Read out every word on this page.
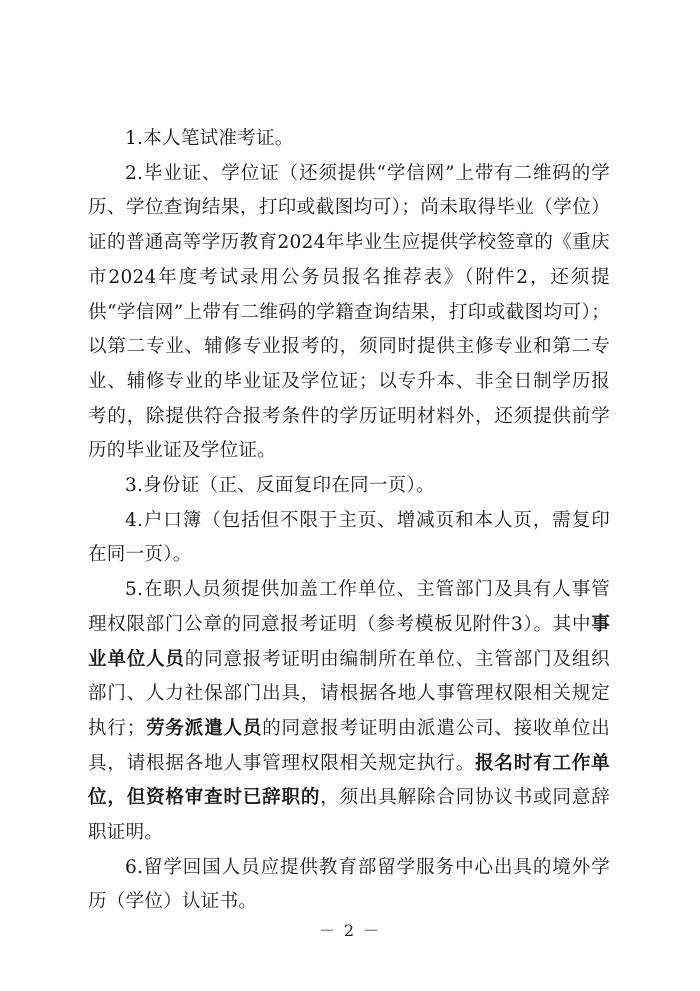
1.本人笔试准考证。

2.毕业证、学位证（还须提供“学信网”上带有二维码的学历、学位查询结果，打印或截图均可）；尚未取得毕业（学位）证的普通高等学历教育2024年毕业生应提供学校签章的《重庆市2024年度考试录用公务员报名推荐表》（附件2，还须提供“学信网”上带有二维码的学籍查询结果，打印或截图均可）；以第二专业、辅修专业报考的，须同时提供主修专业和第二专业、辅修专业的毕业证及学位证；以专升本、非全日制学历报考的，除提供符合报考条件的学历证明材料外，还须提供前学历的毕业证及学位证。

3.身份证（正、反面复印在同一页）。

4.户口簿（包括但不限于主页、增减页和本人页，需复印在同一页）。

5.在职人员须提供加盖工作单位、主管部门及具有人事管理权限部门公章的同意报考证明（参考模板见附件3）。其中事业单位人员的同意报考证明由编制所在单位、主管部门及组织部门、人力社保部门出具，请根据各地人事管理权限相关规定执行；劳务派遣人员的同意报考证明由派遣公司、接收单位出具，请根据各地人事管理权限相关规定执行。报名时有工作单位，但资格审查时已辞职的，须出具解除合同协议书或同意辞职证明。

6.留学回国人员应提供教育部留学服务中心出具的境外学历（学位）认证书。

－ 2 －
